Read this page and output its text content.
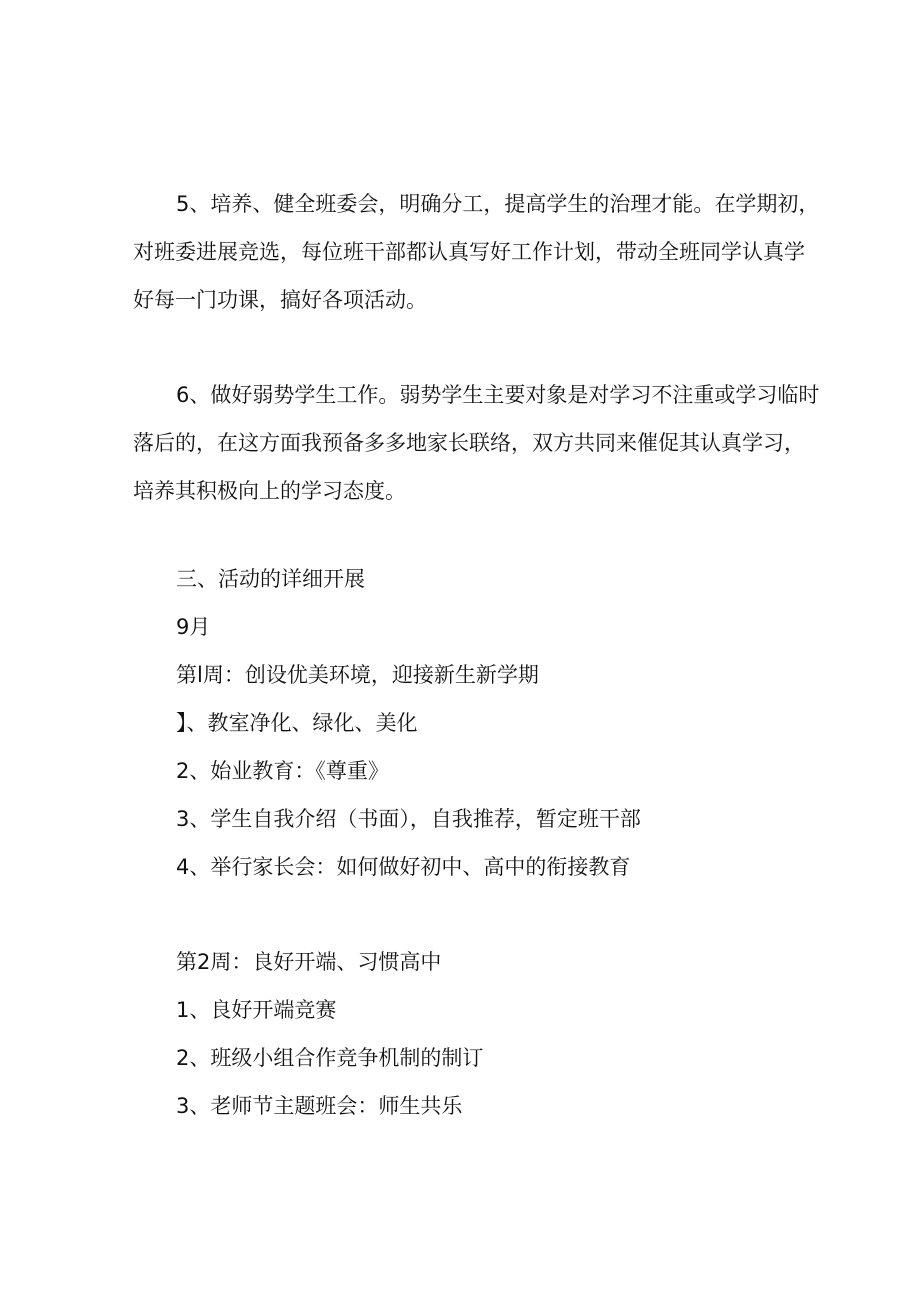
5、培养、健全班委会，明确分工，提高学生的治理才能。在学期初，
对班委进展竞选，每位班干部都认真写好工作计划，带动全班同学认真学
好每一门功课，搞好各项活动。
6、做好弱势学生工作。弱势学生主要对象是对学习不注重或学习临时
落后的，在这方面我预备多多地家长联络，双方共同来催促其认真学习，
培养其积极向上的学习态度。
三、活动的详细开展
9月
第l周：创设优美环境，迎接新生新学期
】、教室净化、绿化、美化
2、始业教育：《尊重》
3、学生自我介绍（书面），自我推荐，暂定班干部
4、举行家长会：如何做好初中、高中的衔接教育
第2周：良好开端、习惯高中
1、良好开端竞赛
2、班级小组合作竞争机制的制订
3、老师节主题班会：师生共乐
